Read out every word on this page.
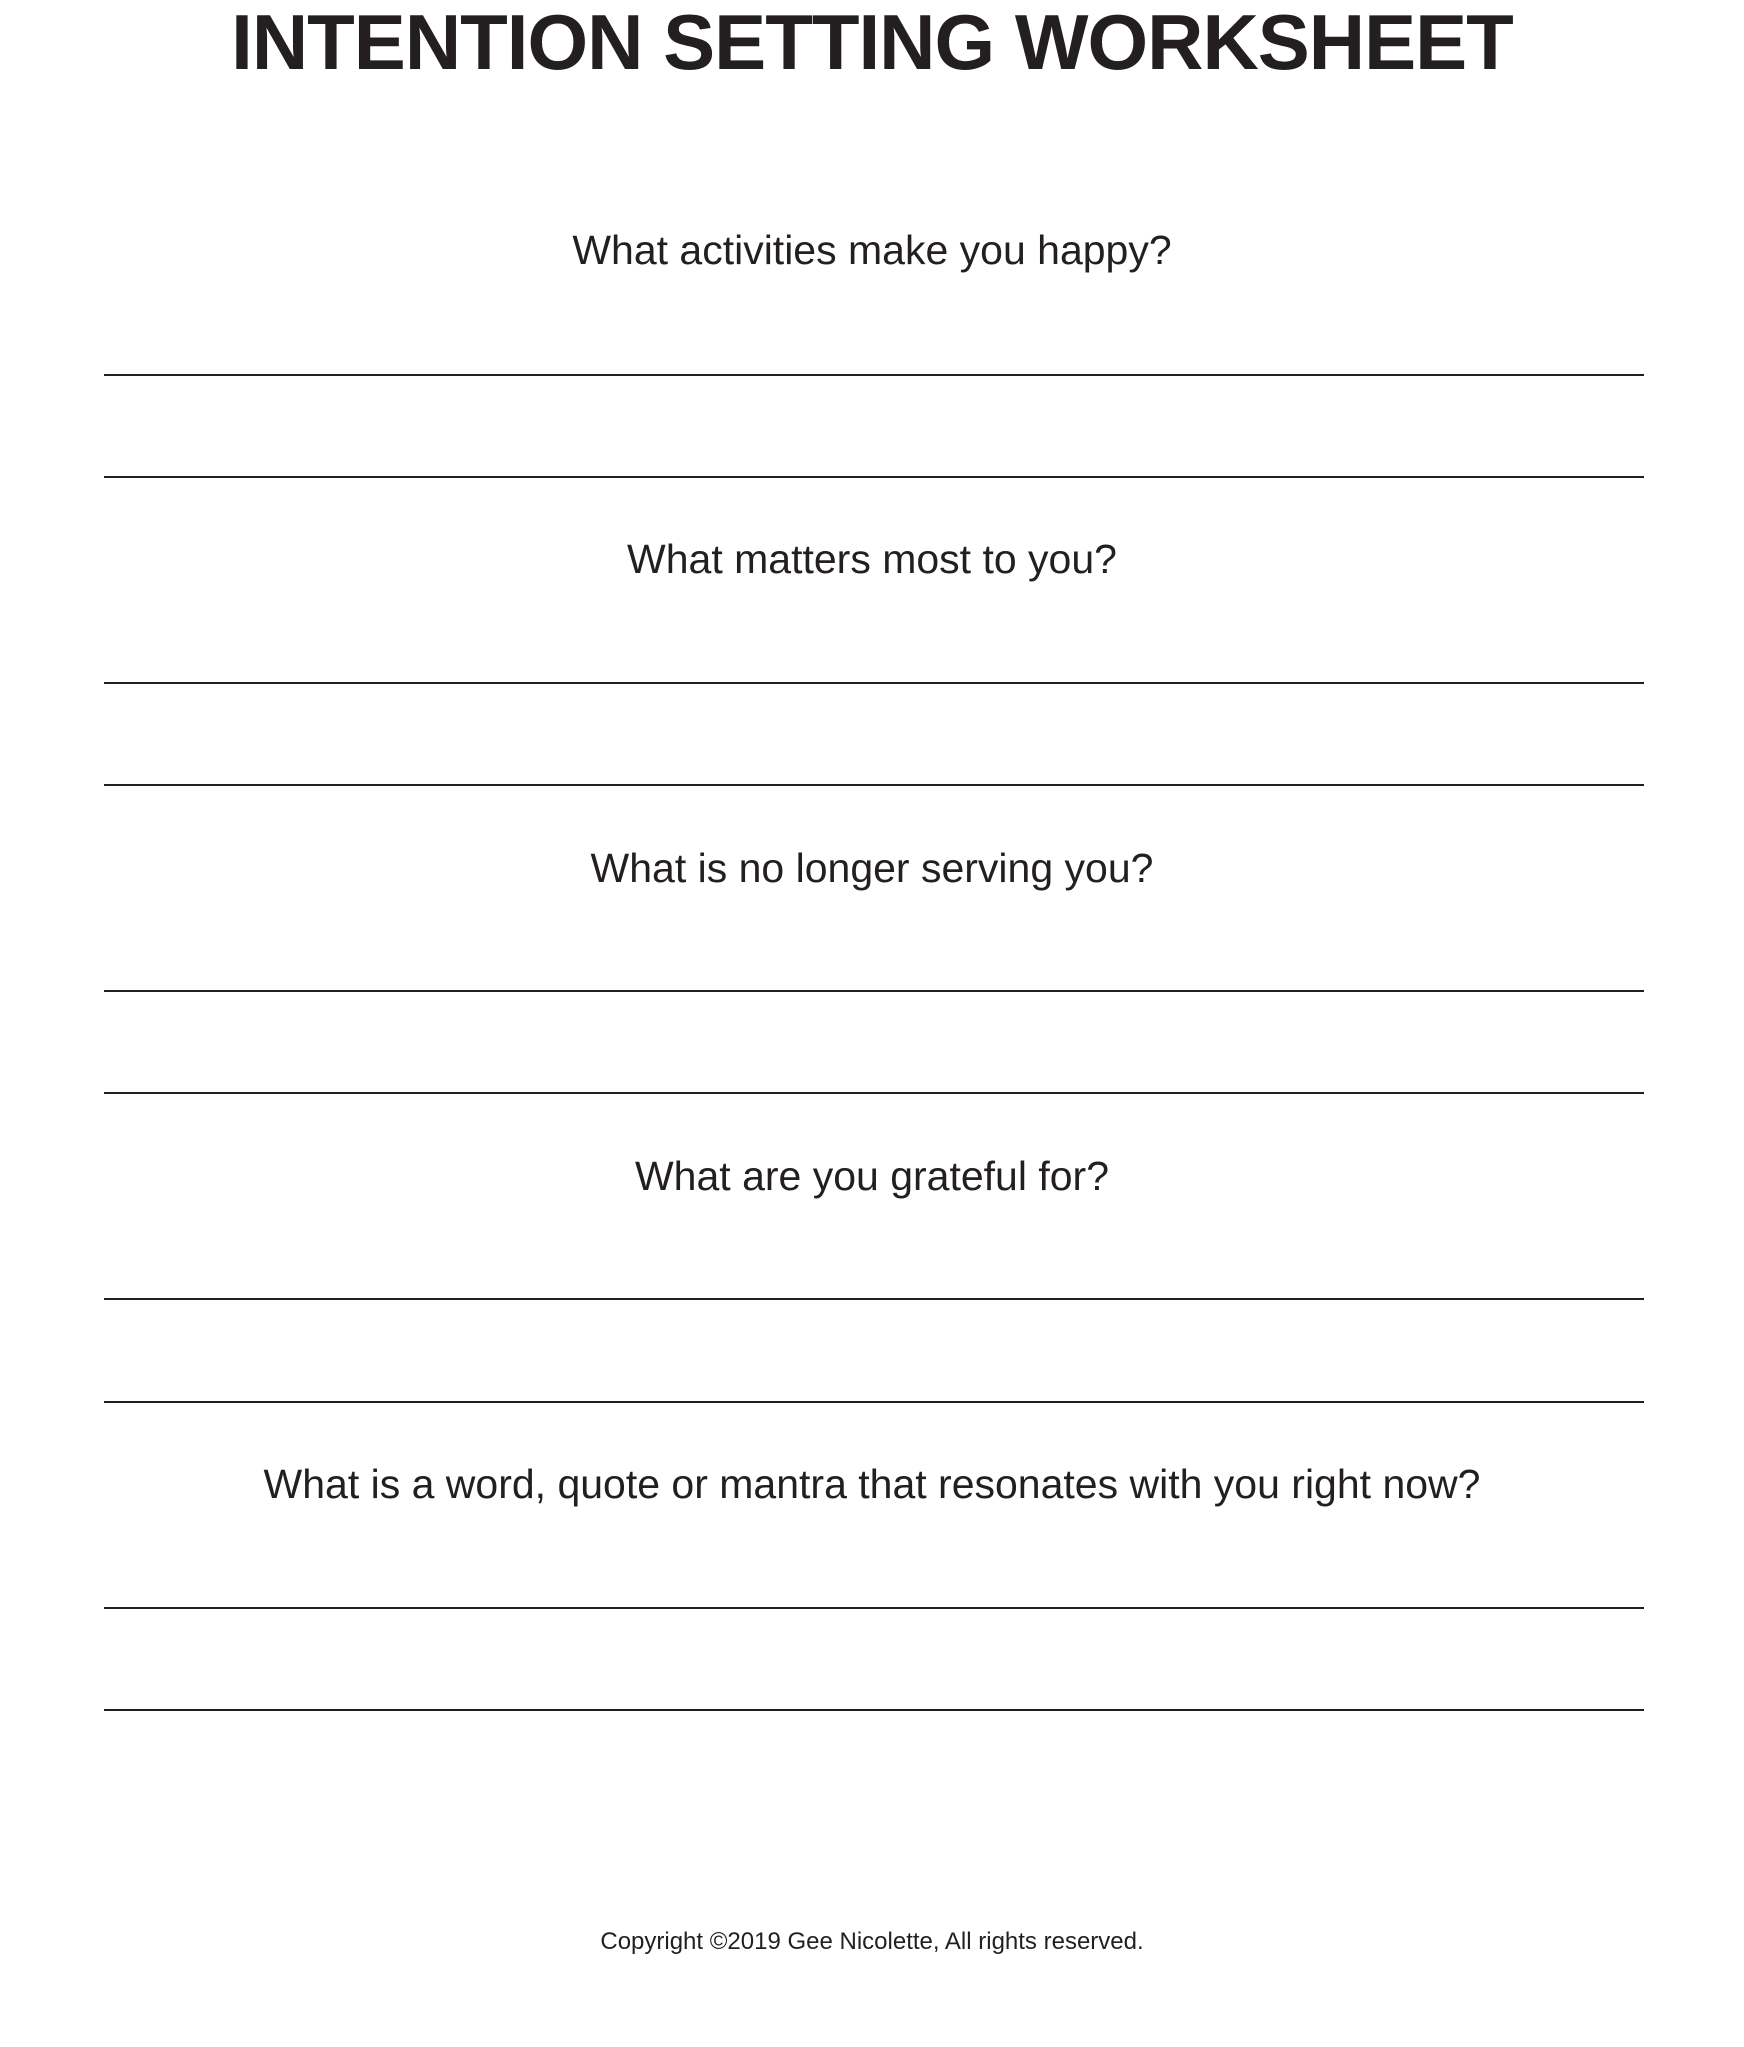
INTENTION SETTING WORKSHEET
What activities make you happy?
What matters most to you?
What is no longer serving you?
What are you grateful for?
What is a word, quote or mantra that resonates with you right now?
Copyright ©2019 Gee Nicolette, All rights reserved.
